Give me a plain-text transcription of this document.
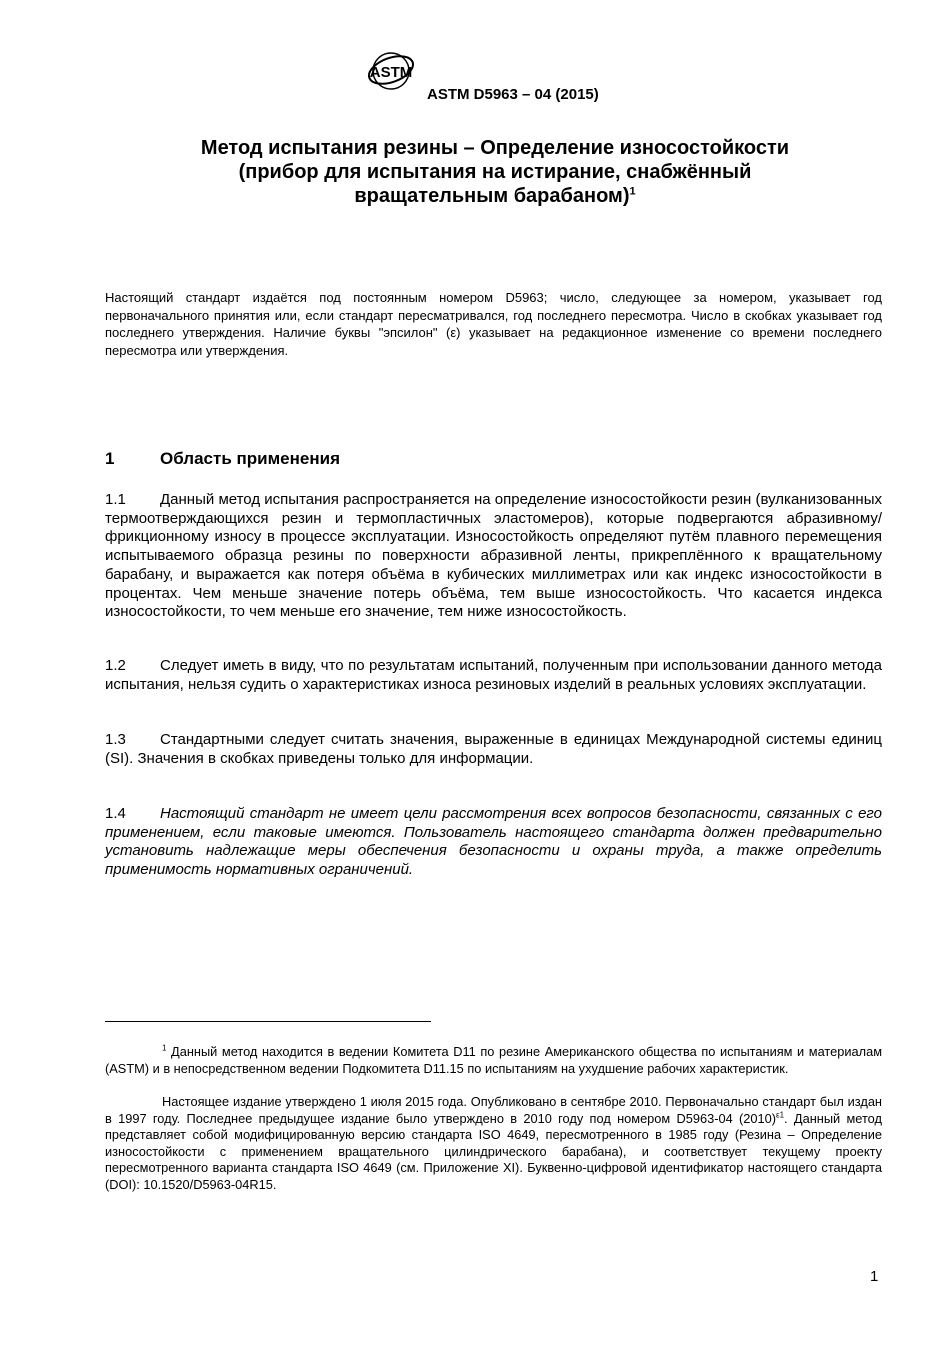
ASTM
ASTM D5963 – 04 (2015)
Метод испытания резины – Определение износостойкости
(прибор для испытания на истирание, снабжённый
вращательным барабаном)$^1$
Настоящий стандарт издаётся под постоянным номером D5963; число, следующее за номером, указывает год первоначального принятия или, если стандарт пересматривался, год последнего пересмотра. Число в скобках указывает год последнего утверждения. Наличие буквы "эпсилон" (ε) указывает на редакционное изменение со времени последнего пересмотра или утверждения.
1	Область применения
1.1 Данный метод испытания распространяется на определение износостойкости резин (вулканизованных термоотверждающихся резин и термопластичных эластомеров), которые подвергаются абразивному/фрикционному износу в процессе эксплуатации. Износостойкость определяют путём плавного перемещения испытываемого образца резины по поверхности абразивной ленты, прикреплённого к вращательному барабану, и выражается как потеря объёма в кубических миллиметрах или как индекс износостойкости в процентах. Чем меньше значение потерь объёма, тем выше износостойкость. Что касается индекса износостойкости, то чем меньше его значение, тем ниже износостойкость.
1.2 Следует иметь в виду, что по результатам испытаний, полученным при использовании данного метода испытания, нельзя судить о характеристиках износа резиновых изделий в реальных условиях эксплуатации.
1.3 Стандартными следует считать значения, выраженные в единицах Международной системы единиц (SI). Значения в скобках приведены только для информации.
1.4 Настоящий стандарт не имеет цели рассмотрения всех вопросов безопасности, связанных с его применением, если таковые имеются. Пользователь настоящего стандарта должен предварительно установить надлежащие меры обеспечения безопасности и охраны труда, а также определить применимость нормативных ограничений.
$^1$ Данный метод находится в ведении Комитета D11 по резине Американского общества по испытаниям и материалам (ASTM) и в непосредственном ведении Подкомитета D11.15 по испытаниям на ухудшение рабочих характеристик.
Настоящее издание утверждено 1 июля 2015 года. Опубликовано в сентябре 2010. Первоначально стандарт был издан в 1997 году. Последнее предыдущее издание было утверждено в 2010 году под номером D5963-04 $(2010)^{\varepsilon 1}$. Данный метод представляет собой модифицированную версию стандарта ISO 4649, пересмотренного в 1985 году (Резина – Определение износостойкости с применением вращательного цилиндрического барабана), и соответствует текущему проекту пересмотренного варианта стандарта ISO 4649 (см. Приложение XI). Буквенно-цифровой идентификатор настоящего стандарта (DOI): 10.1520/D5963-04R15.
1
